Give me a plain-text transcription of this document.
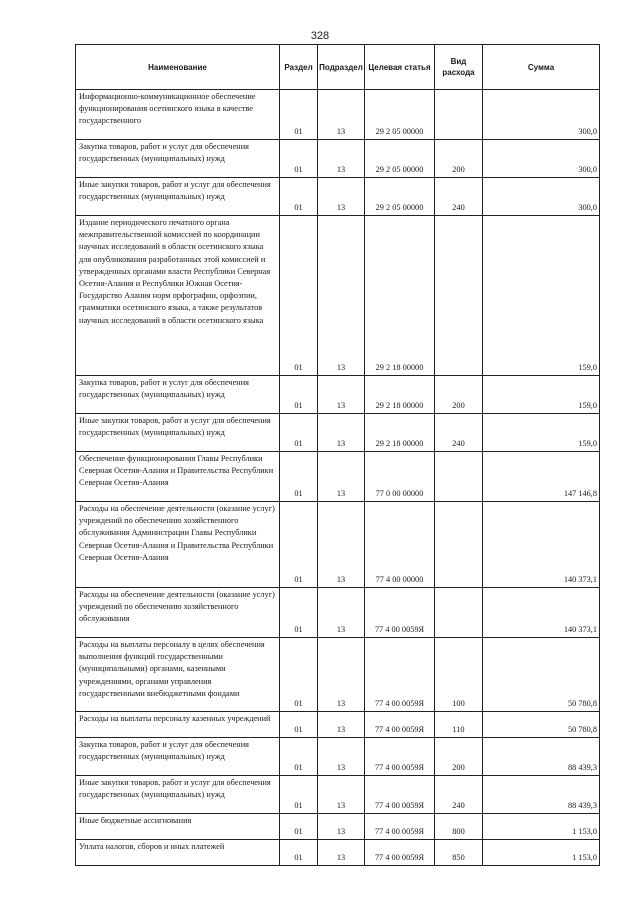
328
Наименование	Раздел	Подраздел	Целевая статья	Вид расхода	Сумма
Информационно-коммуникационное обеспечение функционирования осетинского языка в качестве государственного	01	13	29 2 05 00000		300,0
Закупка товаров, работ и услуг для обеспечения государственных (муниципальных) нужд	01	13	29 2 05 00000	200	300,0
Иные закупки товаров, работ и услуг для обеспечения государственных (муниципальных) нужд	01	13	29 2 05 00000	240	300,0
Издание периодического печатного органа межправительственной комиссией по координации научных исследований в области осетинского языка для опубликования разработанных этой комиссией и утвержденных органами власти Республики Северная Осетия-Алания и Республики Южная Осетия-Государство Алания норм орфографии, орфоэпии, грамматики осетинского языка, а также результатов научных исследований в области осетинского языка	01	13	29 2 18 00000		159,0
Закупка товаров, работ и услуг для обеспечения государственных (муниципальных) нужд	01	13	29 2 18 00000	200	159,0
Иные закупки товаров, работ и услуг для обеспечения государственных (муниципальных) нужд	01	13	29 2 18 00000	240	159,0
Обеспечение функционирования Главы Республики Северная Осетия-Алания и Правительства Республики Северная Осетия-Алания	01	13	77 0 00 00000		147 146,8
Расходы на обеспечение деятельности (оказание услуг) учреждений по обеспечению хозяйственного обслуживания Администрации Главы Республики Северная Осетия-Алания и Правительства Республики Северная Осетия-Алания	01	13	77 4 00 00000		140 373,1
Расходы на обеспечение деятельности (оказание услуг) учреждений по обеспечению хозяйственного обслуживания	01	13	77 4 00 0059Я		140 373,1
Расходы на выплаты персоналу в целях обеспечения выполнения функций государственными (муниципальными) органами, казенными учреждениями, органами управления государственными внебюджетными фондами	01	13	77 4 00 0059Я	100	50 780,8
Расходы на выплаты персоналу казенных учреждений	01	13	77 4 00 0059Я	110	50 780,8
Закупка товаров, работ и услуг для обеспечения государственных (муниципальных) нужд	01	13	77 4 00 0059Я	200	88 439,3
Иные закупки товаров, работ и услуг для обеспечения государственных (муниципальных) нужд	01	13	77 4 00 0059Я	240	88 439,3
Иные бюджетные ассигнования	01	13	77 4 00 0059Я	800	1 153,0
Уплата налогов, сборов и иных платежей	01	13	77 4 00 0059Я	850	1 153,0
